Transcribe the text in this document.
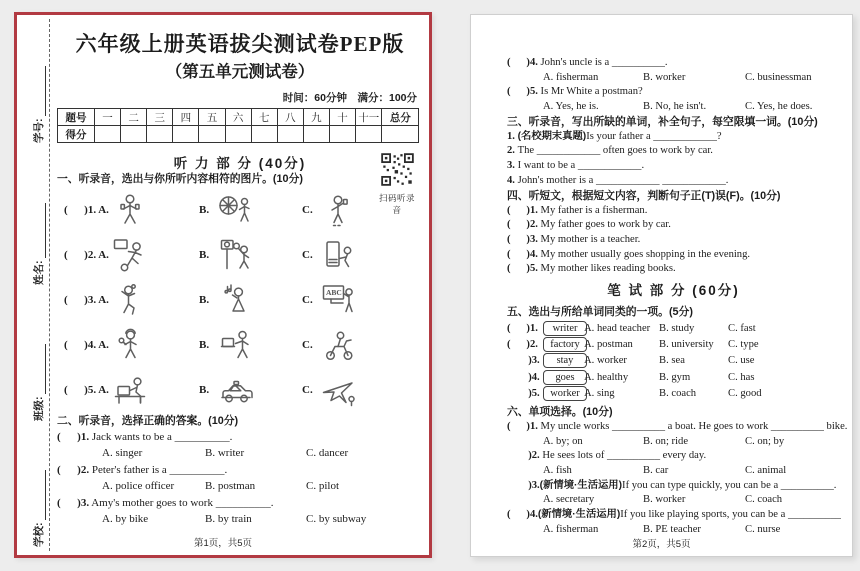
学号:
姓名:
班级:
学校:
扫码听录音
六年级上册英语拔尖测试卷PEP版
（第五单元测试卷）
时间：60分钟　满分：100分
题号	一	二	三	四	五	六	七	八	九	十	十一	总分
得分												
听 力 部 分 (40分)
一、听录音，选出与你所听内容相符的图片。(10分)
(      )1. A.	B.	C.
(      )2. A.	B.	C.
(      )3. A.	B.	C.
ABC
(      )4. A.	B.	C.
(      )5. A.	B.	C.
二、听录音，选择正确的答案。(10分)
(      )1. Jack wants to be a __________.
A. singer	B. writer	C. dancer
(      )2. Peter's father is a __________.
A. police officer	B. postman	C. pilot
(      )3. Amy's mother goes to work __________.
A. by bike	B. by train	C. by subway
第1页，共5页
(      )4. John's uncle is a __________.
A. fisherman	B. worker	C. businessman
(      )5. Is Mr White a postman?
A. Yes, he is.	B. No, he isn't.	C. Yes, he does.
三、听录音，写出所缺的单词，补全句子，每空限填一词。(10分)
1. (名校期末真题)Is your father a ____________?
2. The ____________ often goes to work by car.
3. I want to be a ____________.
4. John's mother is a ____________ ____________.
四、听短文，根据短文内容，判断句子正(T)误(F)。(10分)
(      )1. My father is a fisherman.
(      )2. My father goes to work by car.
(      )3. My mother is a teacher.
(      )4. My mother usually goes shopping in the evening.
(      )5. My mother likes reading books.
笔 试 部 分 (60分)
五、选出与所给单词同类的一项。(5分)
(      )1.	writer A. head teacher B. study	C. fast
(      )2.	factory A. postman	B. university	C. type
)3.	stay	A. worker	B. sea	C. use
)4.	goes A. healthy	B. gym	C. has
)5.	worker A. sing	B. coach	C. good
六、单项选择。(10分)
(      )1. My uncle works __________ a boat. He goes to work __________ bike.
A. by; on	B. on; ride	C. on; by
)2. He sees lots of __________ every day.
A. fish	B. car	C. animal
)3.(新情境·生活运用)If you can type quickly, you can be a __________.
A. secretary	B. worker	C. coach
(      )4.(新情境·生活运用)If you like playing sports, you can be a __________
A. fisherman	B. PE teacher	C. nurse
第2页，共5页
